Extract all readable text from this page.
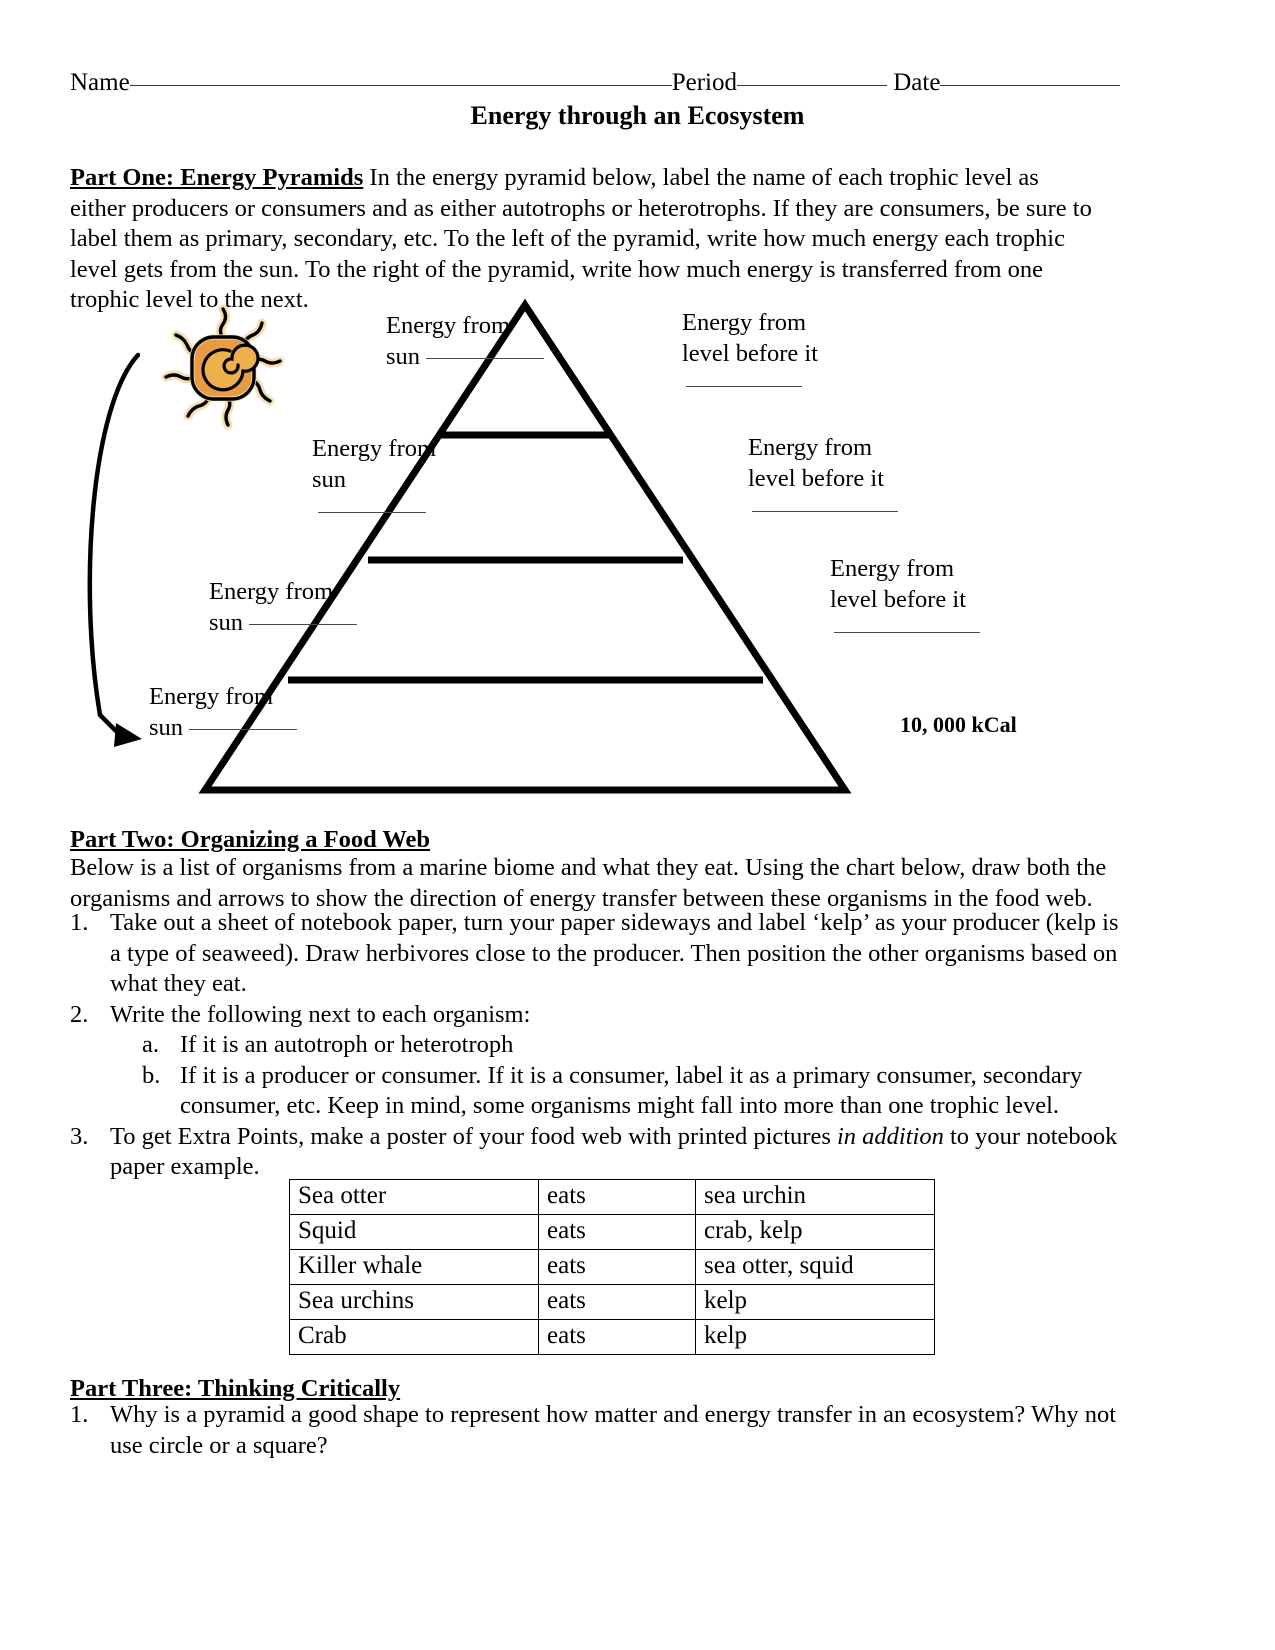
Name	Period
	Date
Energy through an Ecosystem
Part One: Energy Pyramids In the energy pyramid below, label the name of each trophic level as either producers or consumers and as either autotrophs or heterotrophs. If they are consumers, be sure to label them as primary, secondary, etc. To the left of the pyramid, write how much energy each trophic level gets from the sun. To the right of the pyramid, write how much energy is transferred from one trophic level to the next.
Energy from
sun
Energy from
sun
Energy from
sun
Energy from
sun
Energy from
level before it
Energy from
level before it
Energy from
level before it
10, 000 kCal
Part Two: Organizing a Food Web
Below is a list of organisms from a marine biome and what they eat. Using the chart below, draw both the organisms and arrows to show the direction of energy transfer between these organisms in the food web.
1. Take out a sheet of notebook paper, turn your paper sideways and label ‘kelp’ as your producer (kelp is a type of seaweed). Draw herbivores close to the producer. Then position the other organisms based on what they eat.
2. Write the following next to each organism:
a. If it is an autotroph or heterotroph
b. If it is a producer or consumer. If it is a consumer, label it as a primary consumer, secondary consumer, etc. Keep in mind, some organisms might fall into more than one trophic level.
3. To get Extra Points, make a poster of your food web with printed pictures in addition to your notebook paper example.
Sea otter	eats	sea urchin
Squid	eats	crab, kelp
Killer whale	eats	sea otter, squid
Sea urchins	eats	kelp
Crab	eats	kelp
Part Three: Thinking Critically
1. Why is a pyramid a good shape to represent how matter and energy transfer in an ecosystem? Why not use circle or a square?
